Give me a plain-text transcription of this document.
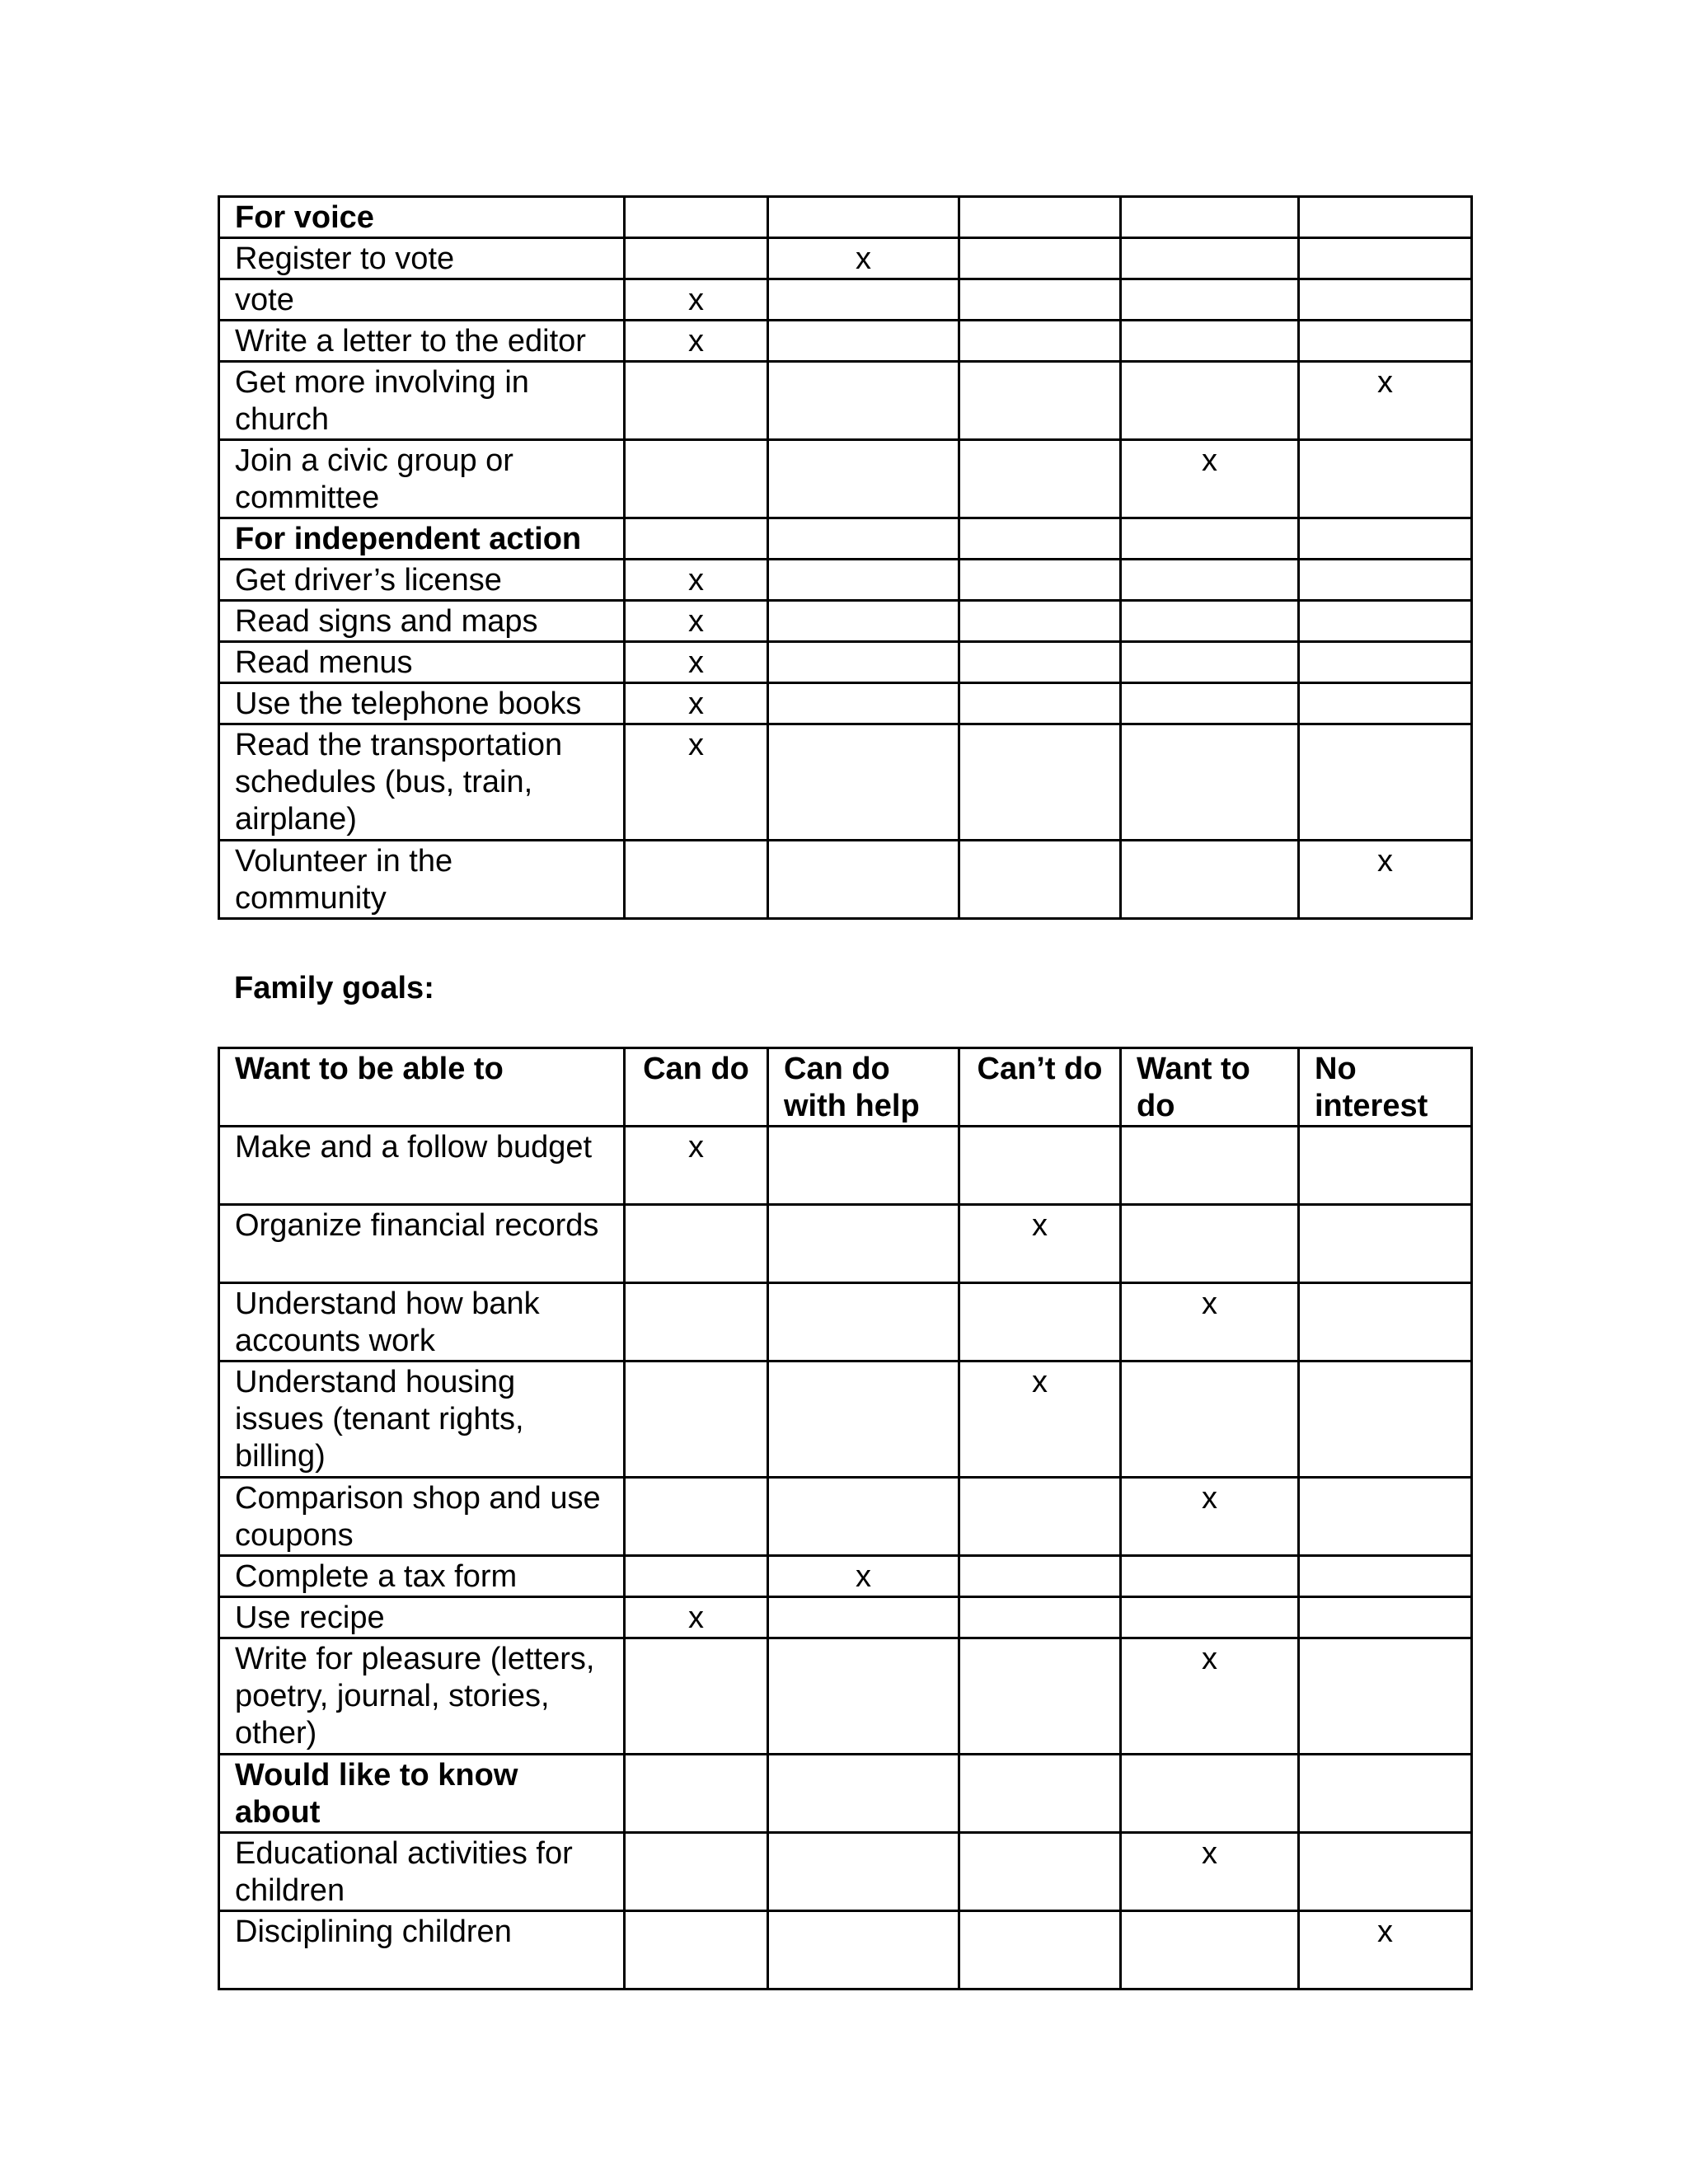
For voice					
Register to vote		x			
vote	x				
Write a letter to the editor	x				
Get more involving in church					x
Join a civic group or committee				x	
For independent action					
Get driver’s license	x				
Read signs and maps	x				
Read menus	x				
Use the telephone books	x				
Read the transportation schedules (bus, train, airplane)	x				
Volunteer in the community					x
Family goals:
Want to be able to	Can do	Can do with help	Can’t do	Want to do	No interest
Make and a follow budget	x				
Organize financial records			x		
Understand how bank accounts work				x	
Understand housing issues (tenant rights, billing)			x		
Comparison shop and use coupons				x	
Complete a tax form		x			
Use recipe	x				
Write for pleasure (letters, poetry, journal, stories, other)				x	
Would like to know about					
Educational activities for children				x	
Disciplining children					x
